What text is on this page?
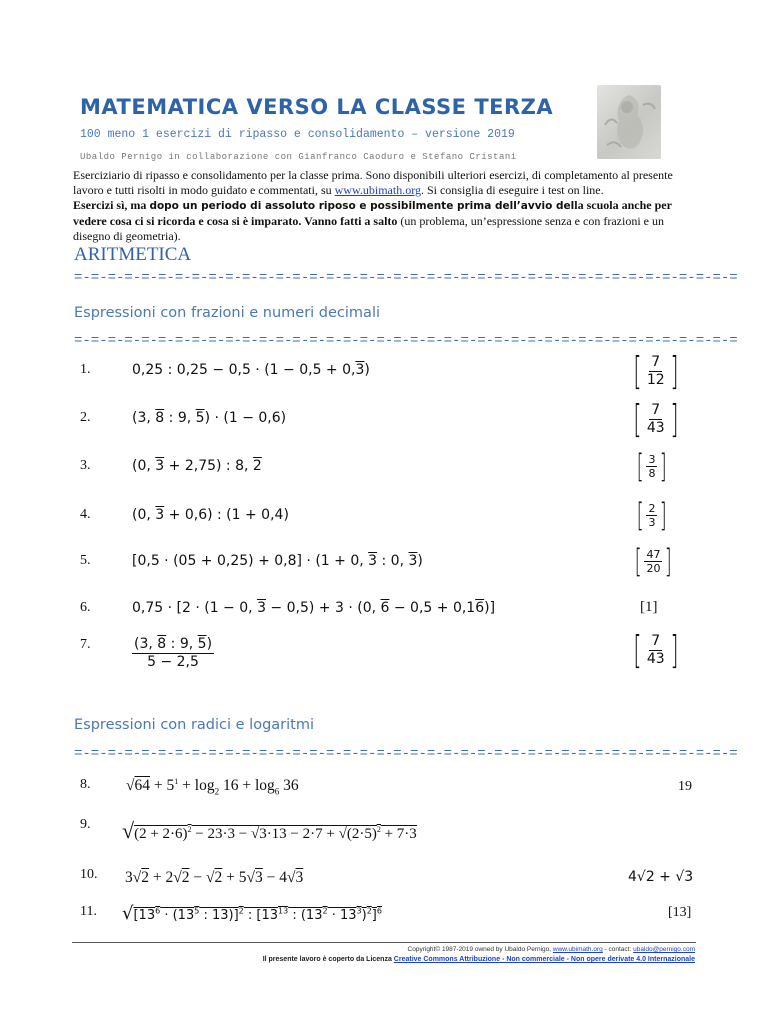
MATEMATICA VERSO LA CLASSE TERZA
100 meno 1 esercizi di ripasso e consolidamento – versione 2019
Ubaldo Pernigo in collaborazione con Gianfranco Caoduro e Stefano Cristani
Eserciziario di ripasso e consolidamento per la classe prima. Sono disponibili ulteriori esercizi, di completamento al presente lavoro e tutti risolti in modo guidato e commentati, su www.ubimath.org. Si consiglia di eseguire i test on line.
Esercizi sì, ma dopo un periodo di assoluto riposo e possibilmente prima dell’avvio della scuola anche per vedere cosa ci si ricorda e cosa si è imparato. Vanno fatti a salto (un problema, un’espressione senza e con frazioni e un disegno di geometria).
ARITMETICA
=-=-=-=-=-=-=-=-=-=-=-=-=-=-=-=-=-=-=-=-=-=-=-=-=-=-=-=-=-=-=-=-=-=-=-=-=-=-=-=
Espressioni con frazioni e numeri decimali
=-=-=-=-=-=-=-=-=-=-=-=-=-=-=-=-=-=-=-=-=-=-=-=-=-=-=-=-=-=-=-=-=-=-=-=-=-=-=-=
1.	0,25 : 0,25 − 0,5 · (1 − 0,5 + 0,3)	[ $\frac{7}{12}$ ]
2.	(3, 8 : 9, 5) · (1 − 0,6)	[ $\frac{7}{43}$ ]
3.	(0, 3 + 2,75) : 8, 2	[ $\frac{3}{8}$ ]
4.	(0, 3 + 0,6) : (1 + 0,4)	[ $\frac{2}{3}$ ]
5.	[0,5 · (05 + 0,25) + 0,8] · (1 + 0, 3 : 0, 3)	[ $\frac{47}{20}$ ]
6.	0,75 · [2 · (1 − 0, 3 − 0,5) + 3 · (0, 6 − 0,5 + 0,16)]	[1]
7.	$\frac{(3, 8 : 9, 5)}{5 - 2,5}$	[ $\frac{7}{43}$ ]
Espressioni con radici e logaritmi
=-=-=-=-=-=-=-=-=-=-=-=-=-=-=-=-=-=-=-=-=-=-=-=-=-=-=-=-=-=-=-=-=-=-=-=-=-=-=-=
8. $√64 + 5^1 + \log_2 16 + \log_6 36$	19
9. $√(2 + 2\cdot 6)^2 - 23\cdot 3 - √3\cdot 13 - 2\cdot 7 + √(2\cdot 5)^2 + 7\cdot 3$
10. 3√2 + 2√2 − √2 + 5√3 − 4√3	4√2 + √3
11. $√[13^6 \cdot (13^5$ : 13)]$^2$ : [$13^{13}$ : $(13^2 \cdot 13^3)^2]^6$	[13]
Copyright© 1987-2019 owned by Ubaldo Pernigo, www.ubimath.org - contact: ubaldo@pernigo.com
Il presente lavoro è coperto da Licenza Creative Commons Attribuzione - Non commerciale - Non opere derivate 4.0 Internazionale
